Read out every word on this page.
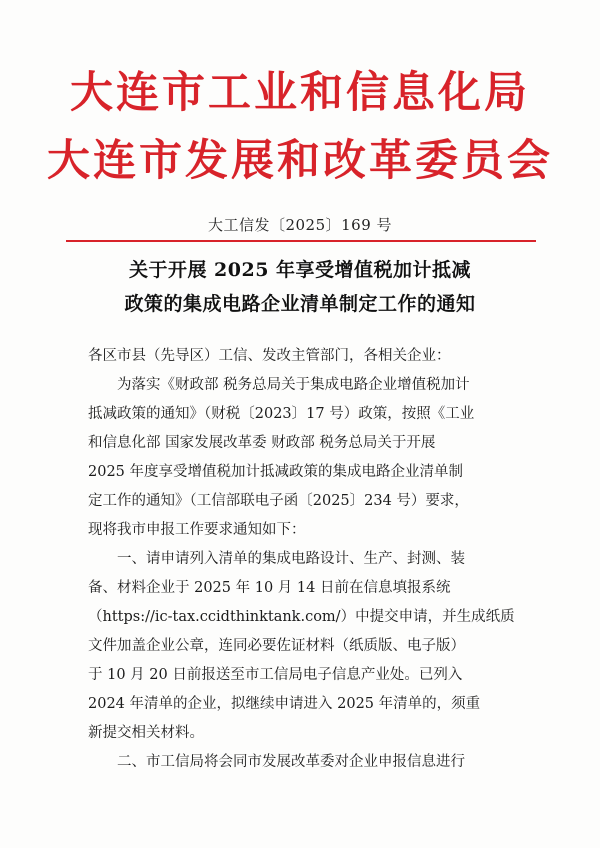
大连市工业和信息化局
大连市发展和改革委员会
大工信发〔2025〕169 号
关于开展 2025 年享受增值税加计抵减
政策的集成电路企业清单制定工作的通知
各区市县（先导区）工信、发改主管部门，各相关企业：
为落实《财政部 税务总局关于集成电路企业增值税加计
抵减政策的通知》（财税〔2023〕17 号）政策，按照《工业
和信息化部 国家发展改革委 财政部 税务总局关于开展
2025 年度享受增值税加计抵减政策的集成电路企业清单制
定工作的通知》（工信部联电子函〔2025〕234 号）要求，
现将我市申报工作要求通知如下：
一、请申请列入清单的集成电路设计、生产、封测、装
备、材料企业于 2025 年 10 月 14 日前在信息填报系统
（https://ic-tax.ccidthinktank.com/）中提交申请，并生成纸质
文件加盖企业公章，连同必要佐证材料（纸质版、电子版）
于 10 月 20 日前报送至市工信局电子信息产业处。已列入
2024 年清单的企业，拟继续申请进入 2025 年清单的，须重
新提交相关材料。
二、市工信局将会同市发展改革委对企业申报信息进行
